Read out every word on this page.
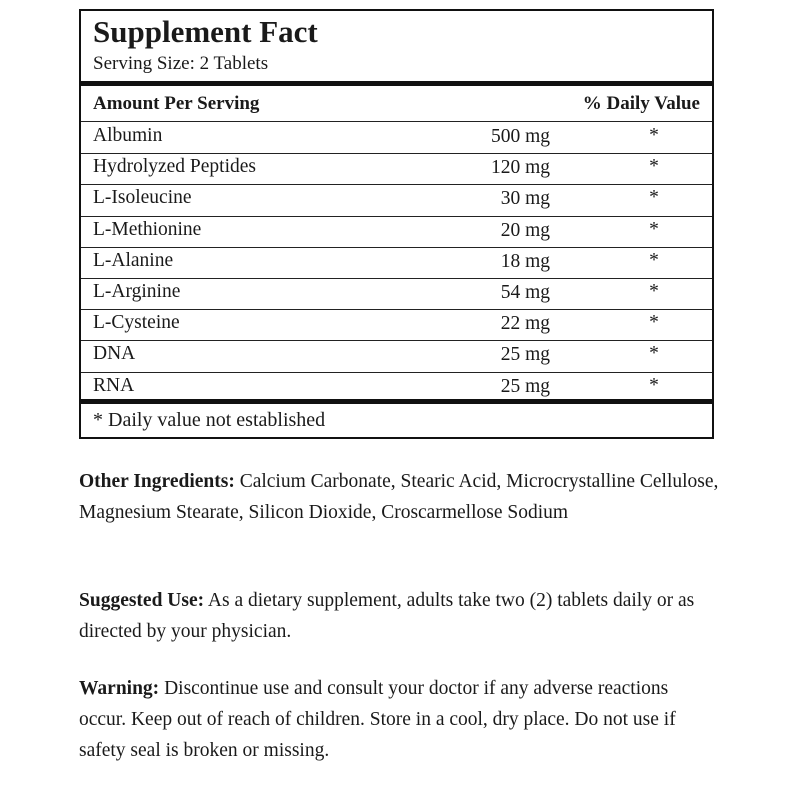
Supplement Fact
Serving Size: 2 Tablets
Amount Per Serving	% Daily Value
Albumin	500 mg	*
Hydrolyzed Peptides	120 mg	*
L-Isoleucine	30 mg	*
L-Methionine	20 mg	*
L-Alanine	18 mg	*
L-Arginine	54 mg	*
L-Cysteine	22 mg	*
DNA	25 mg	*
RNA	25 mg	*
* Daily value not established
Other Ingredients: Calcium Carbonate, Stearic Acid, Microcrystalline Cellulose, Magnesium Stearate, Silicon Dioxide, Croscarmellose Sodium
Suggested Use: As a dietary supplement, adults take two (2) tablets daily or as directed by your physician.
Warning: Discontinue use and consult your doctor if any adverse reactions occur. Keep out of reach of children. Store in a cool, dry place. Do not use if safety seal is broken or missing.
